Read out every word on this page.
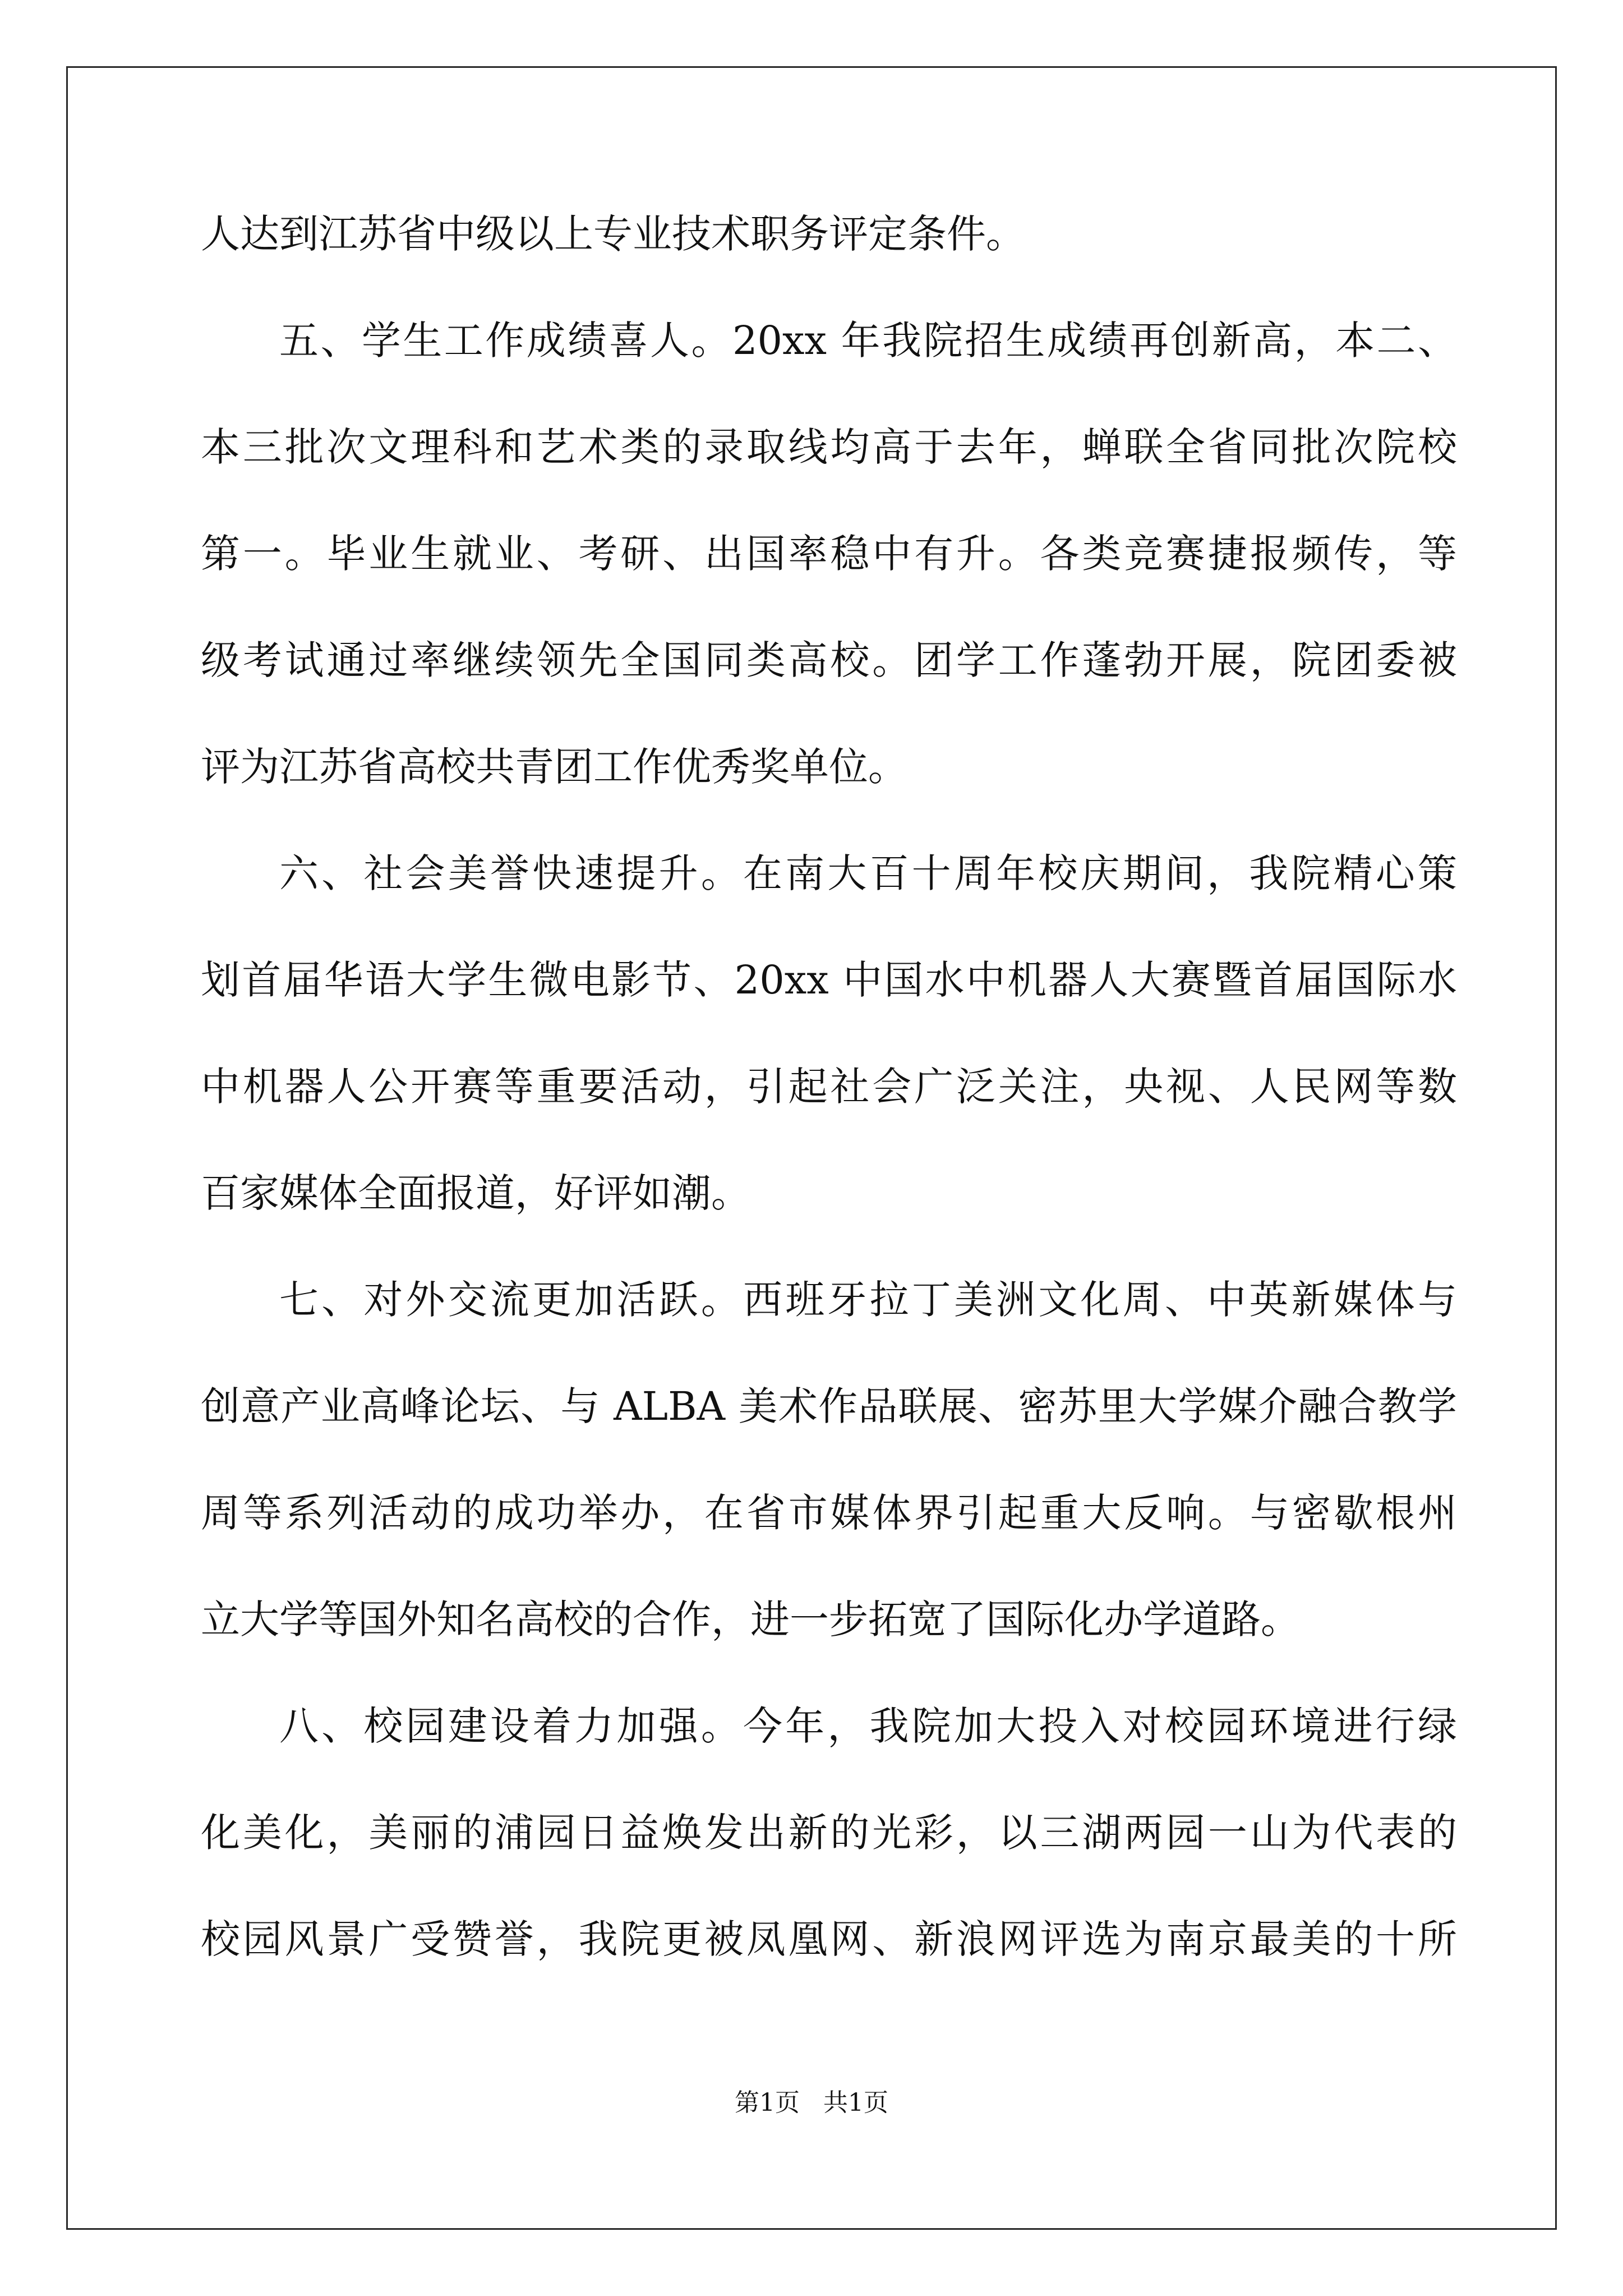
人达到江苏省中级以上专业技术职务评定条件。
五、学生工作成绩喜人。20xx 年我院招生成绩再创新高，本二、
本三批次文理科和艺术类的录取线均高于去年，蝉联全省同批次院校
第一。毕业生就业、考研、出国率稳中有升。各类竞赛捷报频传，等
级考试通过率继续领先全国同类高校。团学工作蓬勃开展，院团委被
评为江苏省高校共青团工作优秀奖单位。
六、社会美誉快速提升。在南大百十周年校庆期间，我院精心策
划首届华语大学生微电影节、20xx 中国水中机器人大赛暨首届国际水
中机器人公开赛等重要活动，引起社会广泛关注，央视、人民网等数
百家媒体全面报道，好评如潮。
七、对外交流更加活跃。西班牙拉丁美洲文化周、中英新媒体与
创意产业高峰论坛、与 ALBA 美术作品联展、密苏里大学媒介融合教学
周等系列活动的成功举办，在省市媒体界引起重大反响。与密歇根州
立大学等国外知名高校的合作，进一步拓宽了国际化办学道路。
八、校园建设着力加强。今年，我院加大投入对校园环境进行绿
化美化，美丽的浦园日益焕发出新的光彩，以三湖两园一山为代表的
校园风景广受赞誉，我院更被凤凰网、新浪网评选为南京最美的十所
第1页   共1页
